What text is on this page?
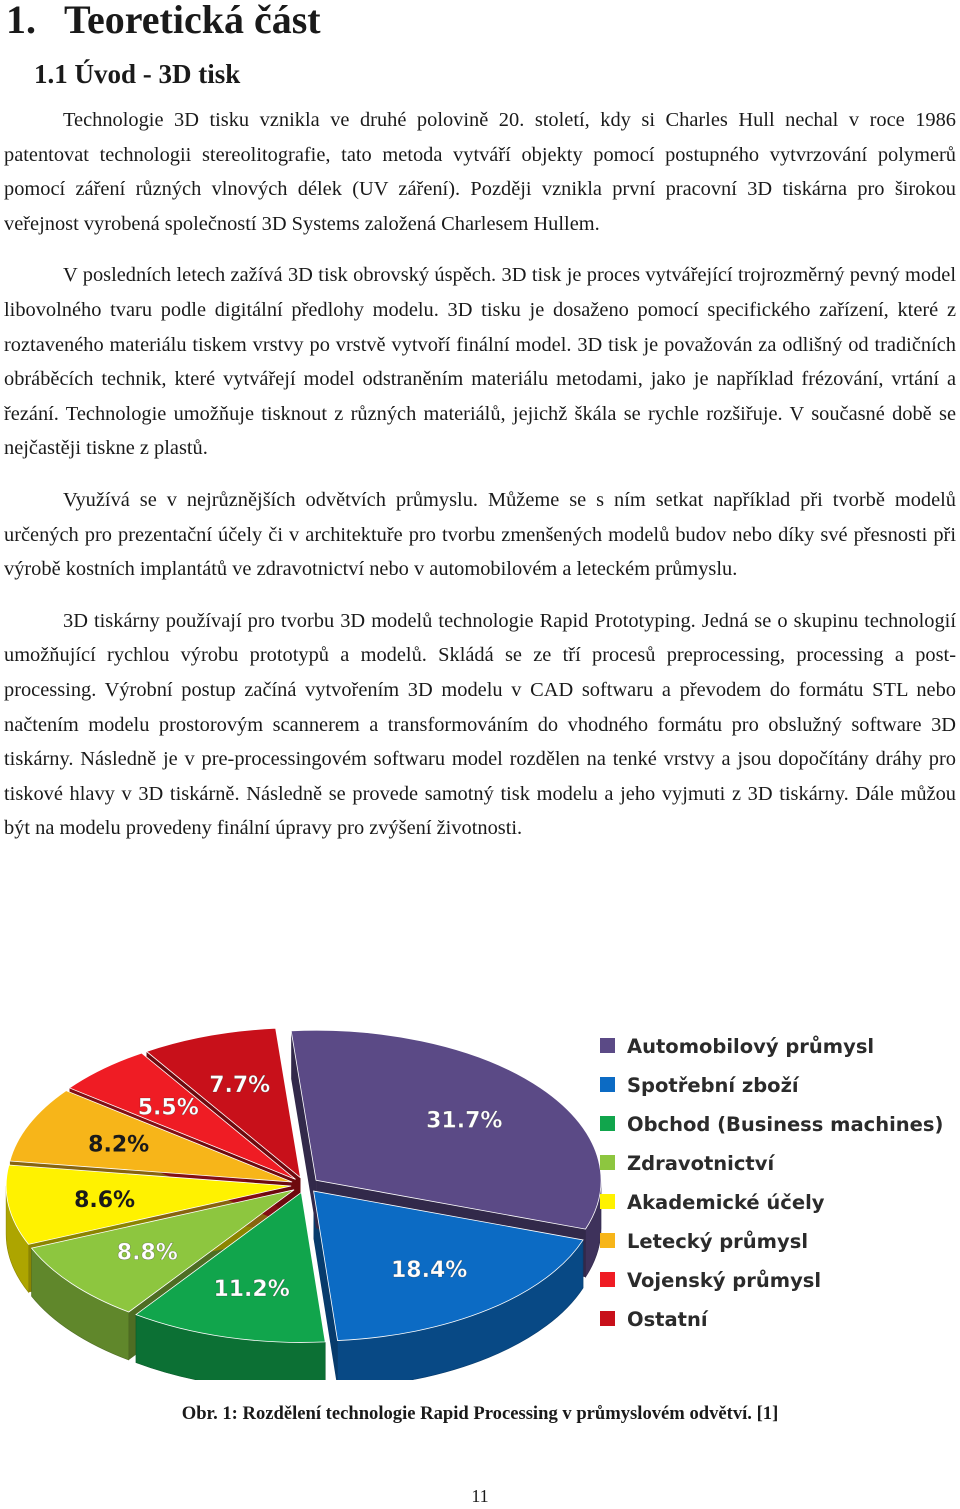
1. Teoretická část
1.1 Úvod - 3D tisk

Technologie 3D tisku vznikla ve druhé polovině 20. století, kdy si Charles Hull nechal v roce 1986 patentovat technologii stereolitografie, tato metoda vytváří objekty pomocí postupného vytvrzování polymerů pomocí záření různých vlnových délek (UV záření). Později vznikla první pracovní 3D tiskárna pro širokou veřejnost vyrobená společností 3D Systems založená Charlesem Hullem.

V posledních letech zažívá 3D tisk obrovský úspěch. 3D tisk je proces vytvářející trojrozměrný pevný model libovolného tvaru podle digitální předlohy modelu. 3D tisku je dosaženo pomocí specifického zařízení, které z roztaveného materiálu tiskem vrstvy po vrstvě vytvoří finální model. 3D tisk je považován za odlišný od tradičních obráběcích technik, které vytvářejí model odstraněním materiálu metodami, jako je například frézování, vrtání a řezání. Technologie umožňuje tisknout z různých materiálů, jejichž škála se rychle rozšiřuje. V současné době se nejčastěji tiskne z plastů.

Využívá se v nejrůznějších odvětvích průmyslu. Můžeme se s ním setkat například při tvorbě modelů určených pro prezentační účely či v architektuře pro tvorbu zmenšených modelů budov nebo díky své přesnosti při výrobě kostních implantátů ve zdravotnictví nebo v automobilovém a leteckém průmyslu.

3D tiskárny používají pro tvorbu 3D modelů technologie Rapid Prototyping. Jedná se o skupinu technologií umožňující rychlou výrobu prototypů a modelů. Skládá se ze tří procesů preprocessing, processing a post-processing. Výrobní postup začíná vytvořením 3D modelu v CAD softwaru a převodem do formátu STL nebo načtením modelu prostorovým scannerem a transformováním do vhodného formátu pro obslužný software 3D tiskárny. Následně je v pre-processingovém softwaru model rozdělen na tenké vrstvy a jsou dopočítány dráhy pro tiskové hlavy v 3D tiskárně. Následně se provede samotný tisk modelu a jeho vyjmuti z 3D tiskárny. Dále můžou být na modelu provedeny finální úpravy pro zvýšení životnosti.

31.7%
18.4%
11.2%
8.8%
8.6%
8.2%
5.5%
7.7%
Automobilový průmysl
Spotřební zboží
Obchod (Business machines)
Zdravotnictví
Akademické účely
Letecký průmysl
Vojenský průmysl
Ostatní
Obr. 1: Rozdělení technologie Rapid Processing v průmyslovém odvětví. [1]
11
